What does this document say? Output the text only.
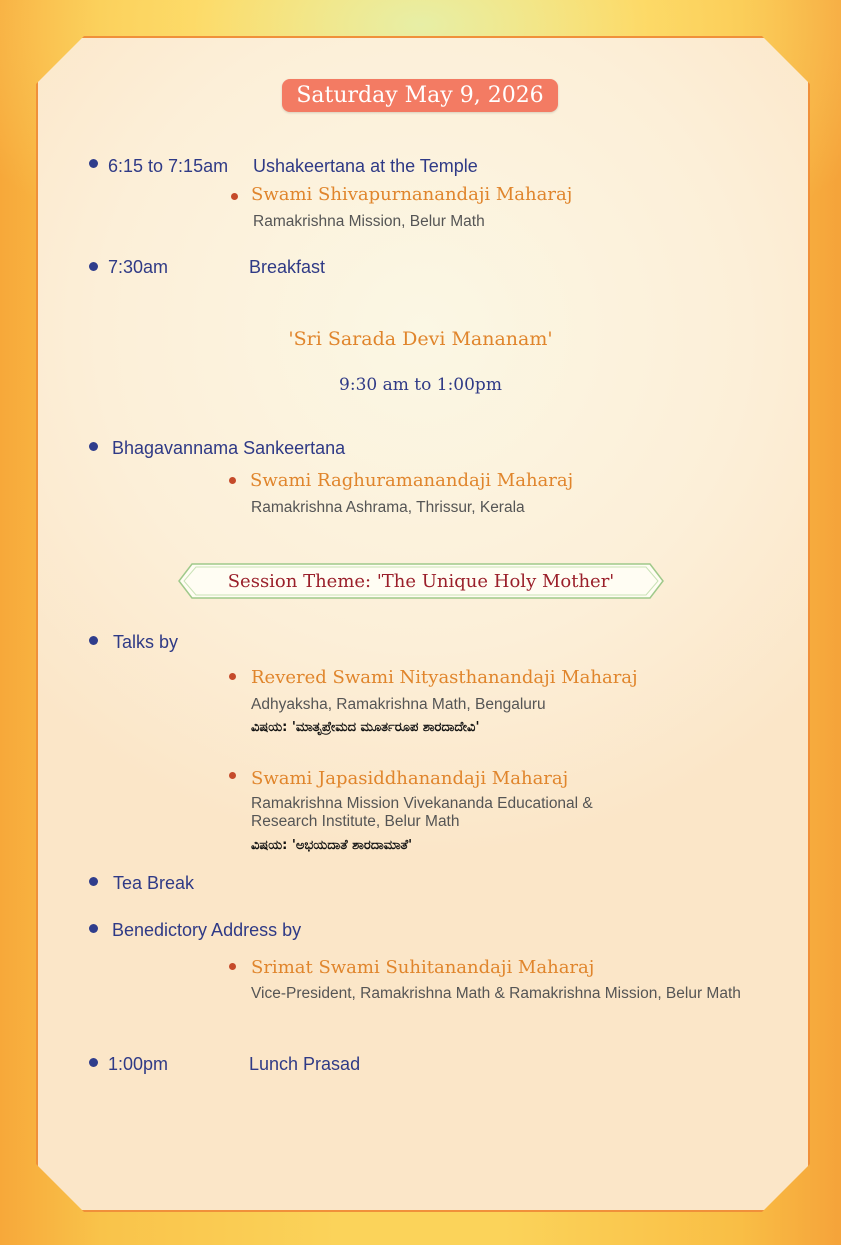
Saturday May 9, 2026
6:15 to 7:15am Ushakeertana at the Temple
Swami Shivapurnanandaji Maharaj
Ramakrishna Mission, Belur Math
7:30am	Breakfast
'Sri Sarada Devi Mananam'
9:30 am to 1:00pm
Bhagavannama Sankeertana
Swami Raghuramanandaji Maharaj
Ramakrishna Ashrama, Thrissur, Kerala
Session Theme: 'The Unique Holy Mother'
Talks by
Revered Swami Nityasthanandaji Maharaj
Adhyaksha, Ramakrishna Math, Bengaluru
ವಿಷಯ: 'ಮಾತೃಪ್ರೇಮದ ಮೂರ್ತರೂಪ ಶಾರದಾದೇವಿ'
Swami Japasiddhanandaji Maharaj
Ramakrishna Mission Vivekananda Educational &
Research Institute, Belur Math
ವಿಷಯ: 'ಅಭಯದಾತೆ ಶಾರದಾಮಾತೆ'
Tea Break
Benedictory Address by
Srimat Swami Suhitanandaji Maharaj
Vice-President, Ramakrishna Math & Ramakrishna Mission, Belur Math
1:00pm	Lunch Prasad
